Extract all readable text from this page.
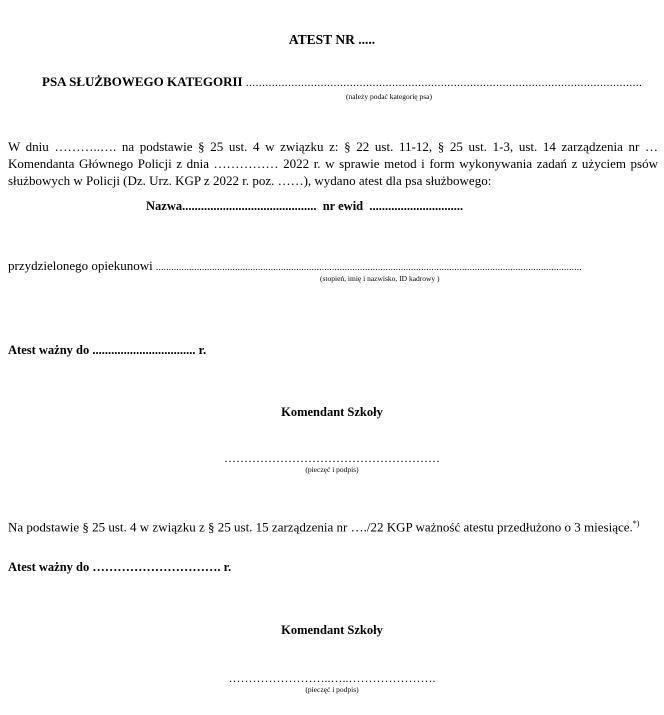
ATEST NR .....
PSA SŁUŻBOWEGO KATEGORII ..........................................................................................................................
(należy podać kategorię psa)
W dniu ………..…. na podstawie § 25 ust. 4 w związku z: § 22 ust. 11-12, § 25 ust. 1-3, ust. 14 zarządzenia nr …
Komendanta Głównego Policji z dnia …………… 2022 r. w sprawie metod i form wykonywania zadań z użyciem psów
służbowych w Policji (Dz. Urz. KGP z 2022 r. poz. ……), wydano atest dla psa służbowego:
Nazwa........................................... nr ewid ..............................
przydzielonego opiekunowi .......................................................................................................................................................................
(stopień, imię i nazwisko, ID kadrowy )
Atest ważny do ................................. r.
Komendant Szkoły
………………………………………………
(pieczęć i podpis)
Na podstawie § 25 ust. 4 w związku z § 25 ust. 15 zarządzenia nr …./22 KGP ważność atestu przedłużono o 3 miesiące.*)
Atest ważny do …………………………. r.
Komendant Szkoły
……………………..…..………………….
(pieczęć i podpis)
